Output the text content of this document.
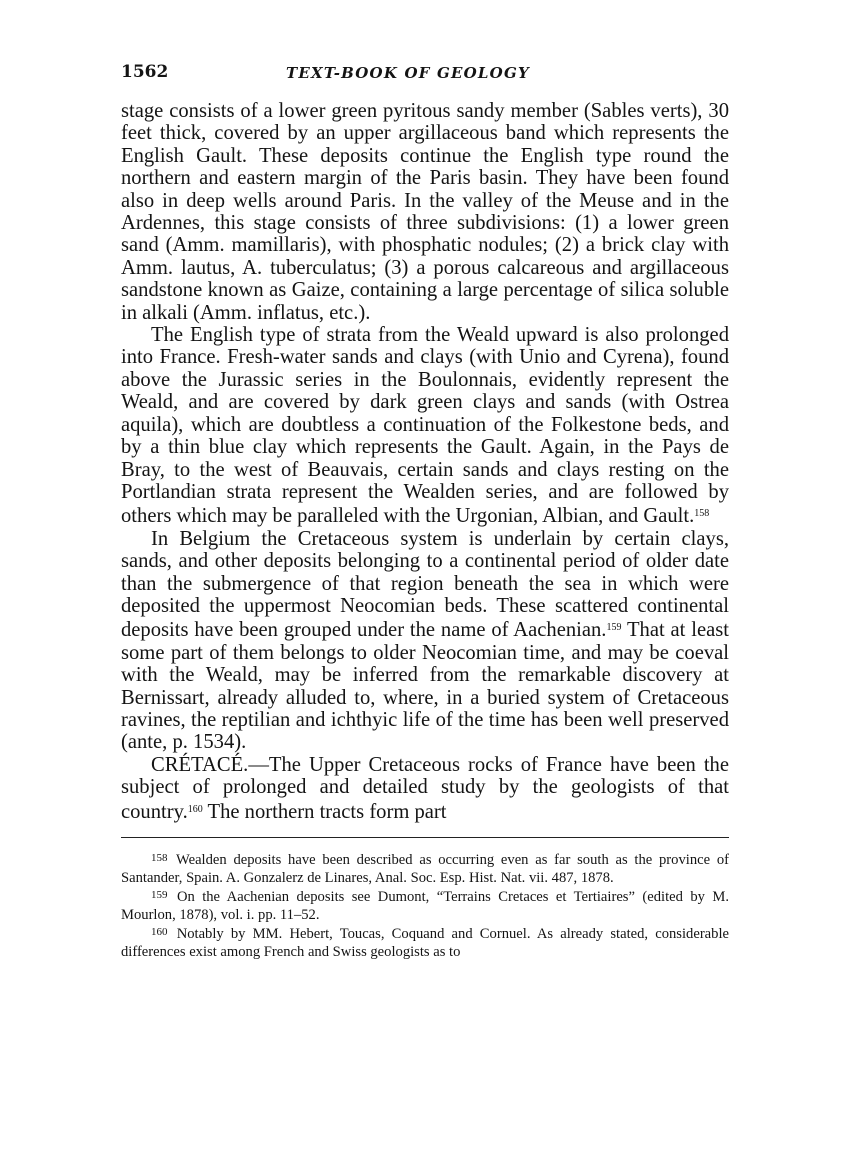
1562	TEXT-BOOK OF GEOLOGY

stage consists of a lower green pyritous sandy member (Sables verts), 30 feet thick, covered by an upper argillaceous band which represents the English Gault. These deposits continue the English type round the northern and eastern margin of the Paris basin. They have been found also in deep wells around Paris. In the valley of the Meuse and in the Ardennes, this stage consists of three subdivisions: (1) a lower green sand (Amm. mamillaris), with phosphatic nodules; (2) a brick clay with Amm. lautus, A. tuberculatus; (3) a porous calcareous and argillaceous sandstone known as Gaize, containing a large percentage of silica soluble in alkali (Amm. inflatus, etc.).

The English type of strata from the Weald upward is also prolonged into France. Fresh-water sands and clays (with Unio and Cyrena), found above the Jurassic series in the Boulonnais, evidently represent the Weald, and are covered by dark green clays and sands (with Ostrea aquila), which are doubtless a continuation of the Folkestone beds, and by a thin blue clay which represents the Gault. Again, in the Pays de Bray, to the west of Beauvais, certain sands and clays resting on the Portlandian strata represent the Wealden series, and are followed by others which may be paralleled with the Urgonian, Albian, and Gault.$^{158}$

In Belgium the Cretaceous system is underlain by certain clays, sands, and other deposits belonging to a continental period of older date than the submergence of that region beneath the sea in which were deposited the uppermost Neocomian beds. These scattered continental deposits have been grouped under the name of Aachenian.$^{159}$ That at least some part of them belongs to older Neocomian time, and may be coeval with the Weald, may be inferred from the remarkable discovery at Bernissart, already alluded to, where, in a buried system of Cretaceous ravines, the reptilian and ichthyic life of the time has been well preserved (ante, p. 1534).

CRÉTACÉ.—The Upper Cretaceous rocks of France have been the subject of prolonged and detailed study by the geologists of that country.$^{160}$ The northern tracts form part

$^{158}$ Wealden deposits have been described as occurring even as far south as the province of Santander, Spain. A. Gonzalerz de Linares, Anal. Soc. Esp. Hist. Nat. vii. 487, 1878.

$^{159}$ On the Aachenian deposits see Dumont, “Terrains Cretaces et Tertiaires” (edited by M. Mourlon, 1878), vol. i. pp. 11–52.

$^{160}$ Notably by MM. Hebert, Toucas, Coquand and Cornuel. As already stated, considerable differences exist among French and Swiss geologists as to
